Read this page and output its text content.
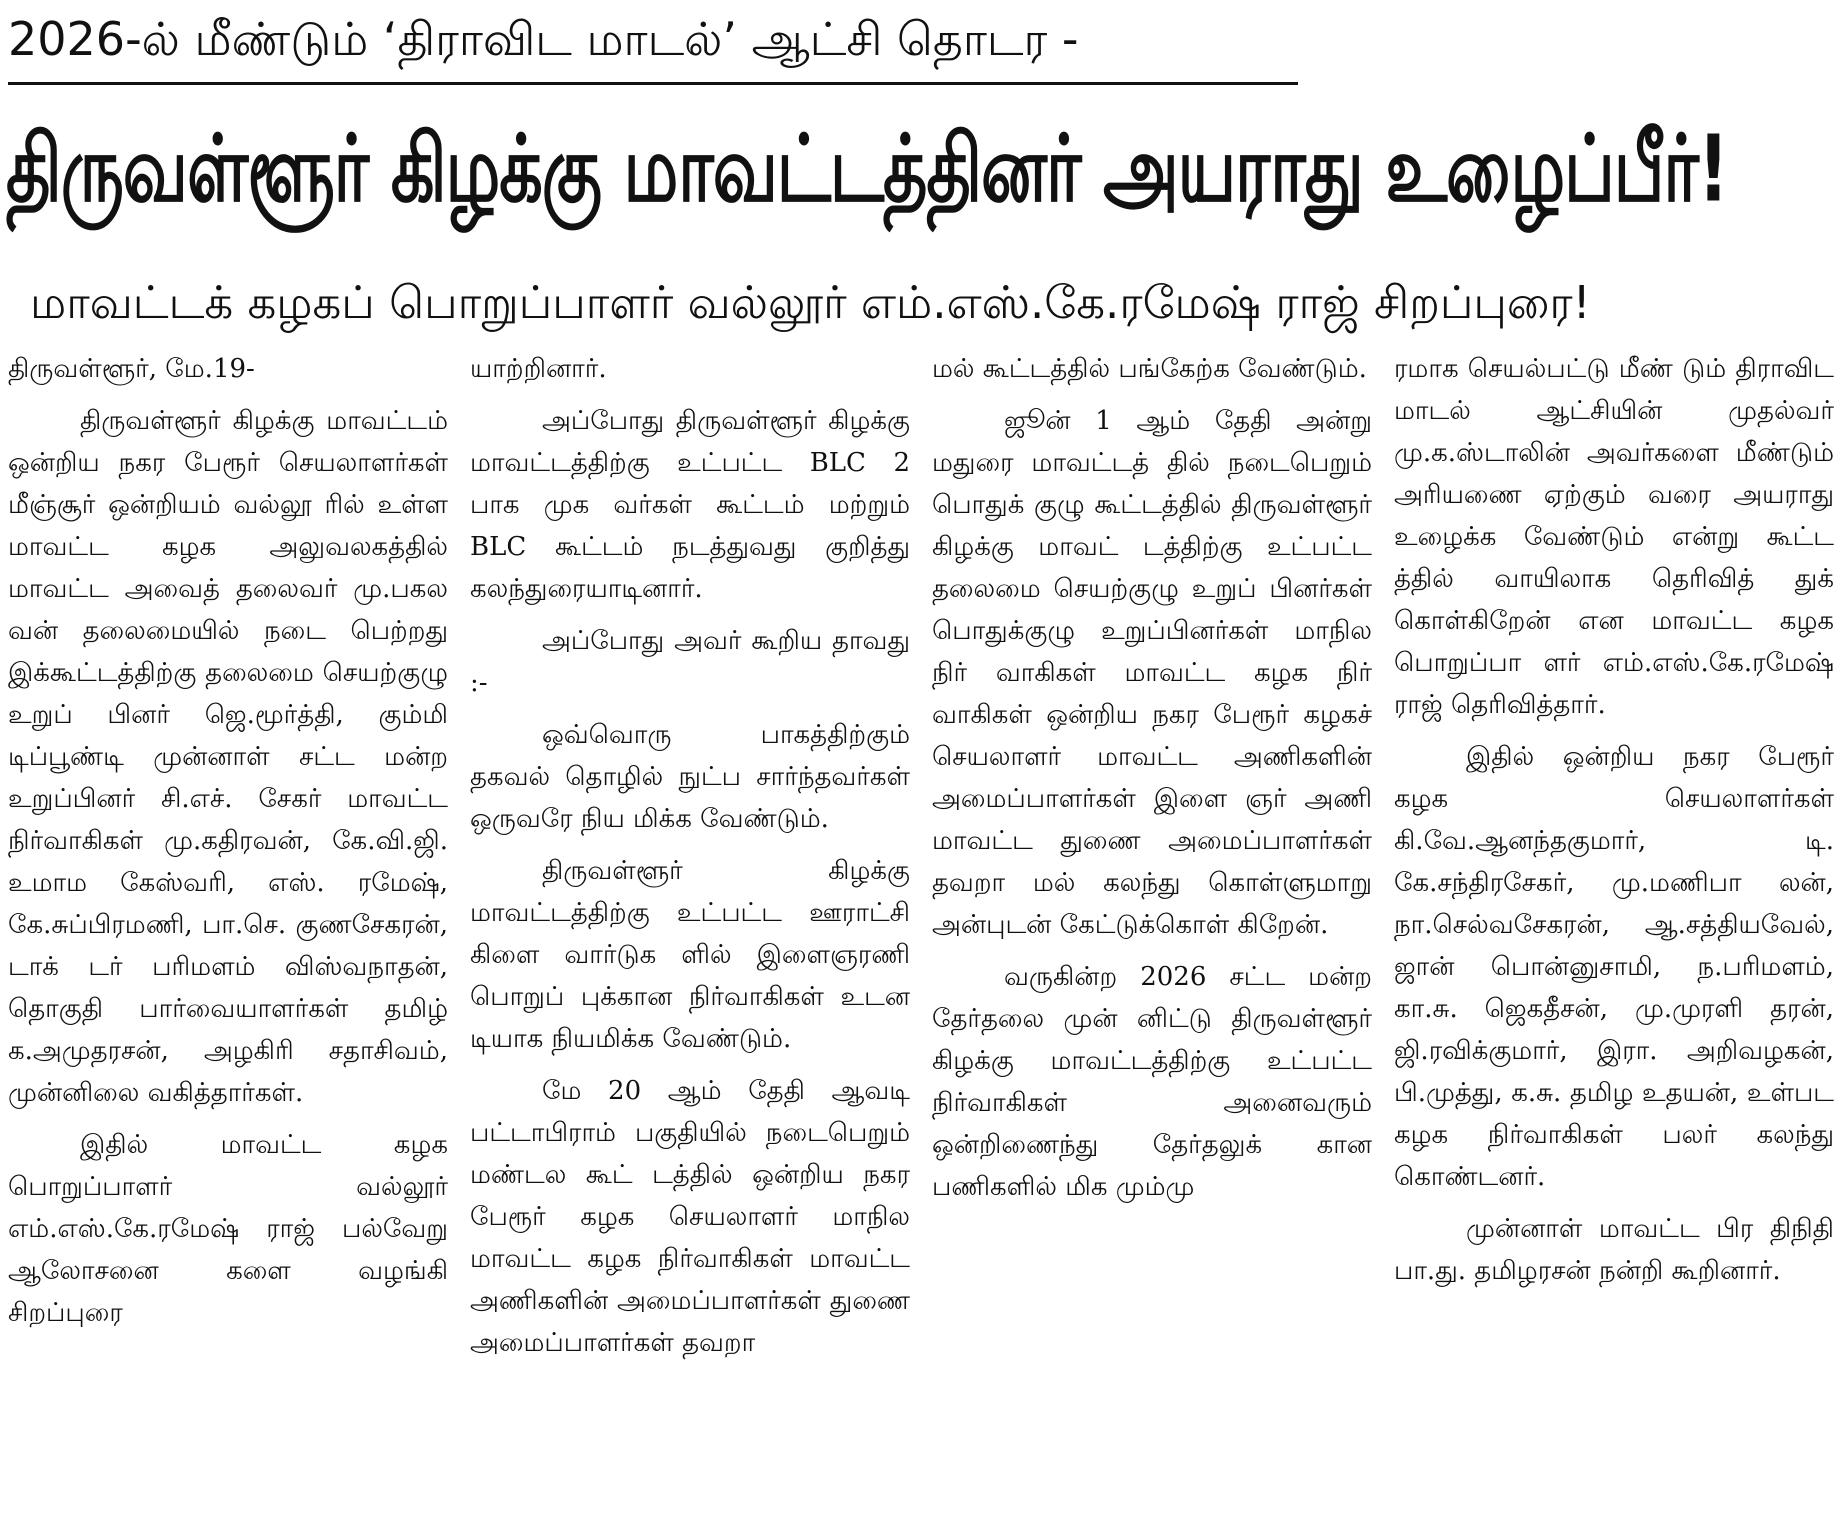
2026-ல் மீண்டும் ‘திராவிட மாடல்’ ஆட்சி தொடர -
திருவள்ளூர் கிழக்கு மாவட்டத்தினர் அயராது உழைப்பீர்!
மாவட்டக் கழகப் பொறுப்பாளர் வல்லூர் எம்.எஸ்.கே.ரமேஷ் ராஜ் சிறப்புரை!

திருவள்ளூர், மே.19-

திருவள்ளூர் கிழக்கு மாவட்டம் ஒன்றிய நகர பேரூர் செயலாளர்கள் மீஞ்சூர் ஒன்றியம் வல்லூ ரில் உள்ள மாவட்ட கழக அலுவலகத்தில் மாவட்ட அவைத் தலைவர் மு.பகல வன் தலைமையில் நடை பெற்றது இக்கூட்டத்திற்கு தலைமை செயற்குழு உறுப் பினர் ஜெ.மூர்த்தி, கும்மி டிப்பூண்டி முன்னாள் சட்ட மன்ற உறுப்பினர் சி.எச். சேகர் மாவட்ட நிர்வாகிகள் மு.கதிரவன், கே.வி.ஜி. உமாம கேஸ்வரி, எஸ். ரமேஷ், கே.சுப்பிரமணி, பா.செ. குணசேகரன், டாக் டர் பரிமளம் விஸ்வநாதன், தொகுதி பார்வையாளர்கள் தமிழ் க.அமுதரசன், அழகிரி சதாசிவம், முன்னிலை வகித்தார்கள்.

இதில் மாவட்ட கழக பொறுப்பாளர் வல்லூர் எம்.எஸ்.கே.ரமேஷ் ராஜ் பல்வேறு ஆலோசனை களை வழங்கி சிறப்புரை

யாற்றினார்.

அப்போது திருவள்ளூர் கிழக்கு மாவட்டத்திற்கு உட்பட்ட BLC 2 பாக முக வர்கள் கூட்டம் மற்றும் BLC கூட்டம் நடத்துவது குறித்து கலந்துரையாடினார்.

அப்போது அவர் கூறிய தாவது :-

ஒவ்வொரு பாகத்திற்கும் தகவல் தொழில் நுட்ப சார்ந்தவர்கள் ஒருவரே நிய மிக்க வேண்டும்.

திருவள்ளூர் கிழக்கு மாவட்டத்திற்கு உட்பட்ட ஊராட்சி கிளை வார்டுக ளில் இளைஞரணி பொறுப் புக்கான நிர்வாகிகள் உடன டியாக நியமிக்க வேண்டும்.

மே 20 ஆம் தேதி ஆவடி பட்டாபிராம் பகுதியில் நடைபெறும் மண்டல கூட் டத்தில் ஒன்றிய நகர பேரூர் கழக செயலாளர் மாநில மாவட்ட கழக நிர்வாகிகள் மாவட்ட அணிகளின் அமைப்பாளர்கள் துணை அமைப்பாளர்கள் தவறா

மல் கூட்டத்தில் பங்கேற்க வேண்டும்.

ஜூன் 1 ஆம் தேதி அன்று மதுரை மாவட்டத் தில் நடைபெறும் பொதுக் குழு கூட்டத்தில் திருவள்ளூர் கிழக்கு மாவட் டத்திற்கு உட்பட்ட தலைமை செயற்குழு உறுப் பினர்கள் பொதுக்குழு உறுப்பினர்கள் மாநில நிர் வாகிகள் மாவட்ட கழக நிர் வாகிகள் ஒன்றிய நகர பேரூர் கழகச் செயலாளர் மாவட்ட அணிகளின் அமைப்பாளர்கள் இளை ஞர் அணி மாவட்ட துணை அமைப்பாளர்கள் தவறா மல் கலந்து கொள்ளுமாறு அன்புடன் கேட்டுக்கொள் கிறேன்.

வருகின்ற 2026 சட்ட மன்ற தேர்தலை முன் னிட்டு திருவள்ளூர் கிழக்கு மாவட்டத்திற்கு உட்பட்ட நிர்வாகிகள் அனைவரும் ஒன்றிணைந்து தேர்தலுக் கான பணிகளில் மிக மும்மு

ரமாக செயல்பட்டு மீண் டும் திராவிட மாடல் ஆட்சியின் முதல்வர் மு.க.ஸ்டாலின் அவர்களை மீண்டும் அரியணை ஏற்கும் வரை அயராது உழைக்க வேண்டும் என்று கூட்ட த்தில் வாயிலாக தெரிவித் துக் கொள்கிறேன் என மாவட்ட கழக பொறுப்பா ளர் எம்.எஸ்.கே.ரமேஷ் ராஜ் தெரிவித்தார்.

இதில் ஒன்றிய நகர பேரூர் கழக செயலாளர்கள் கி.வே.ஆனந்தகுமார், டி. கே.சந்திரசேகர், மு.மணிபா லன், நா.செல்வசேகரன், ஆ.சத்தியவேல், ஜான் பொன்னுசாமி, ந.பரிமளம், கா.சு. ஜெகதீசன், மு.முரளி தரன், ஜி.ரவிக்குமார், இரா. அறிவழகன், பி.முத்து, க.சு. தமிழ உதயன், உள்பட கழக நிர்வாகிகள் பலர் கலந்து கொண்டனர்.

முன்னாள் மாவட்ட பிர திநிதி பா.து. தமிழரசன் நன்றி கூறினார்.
